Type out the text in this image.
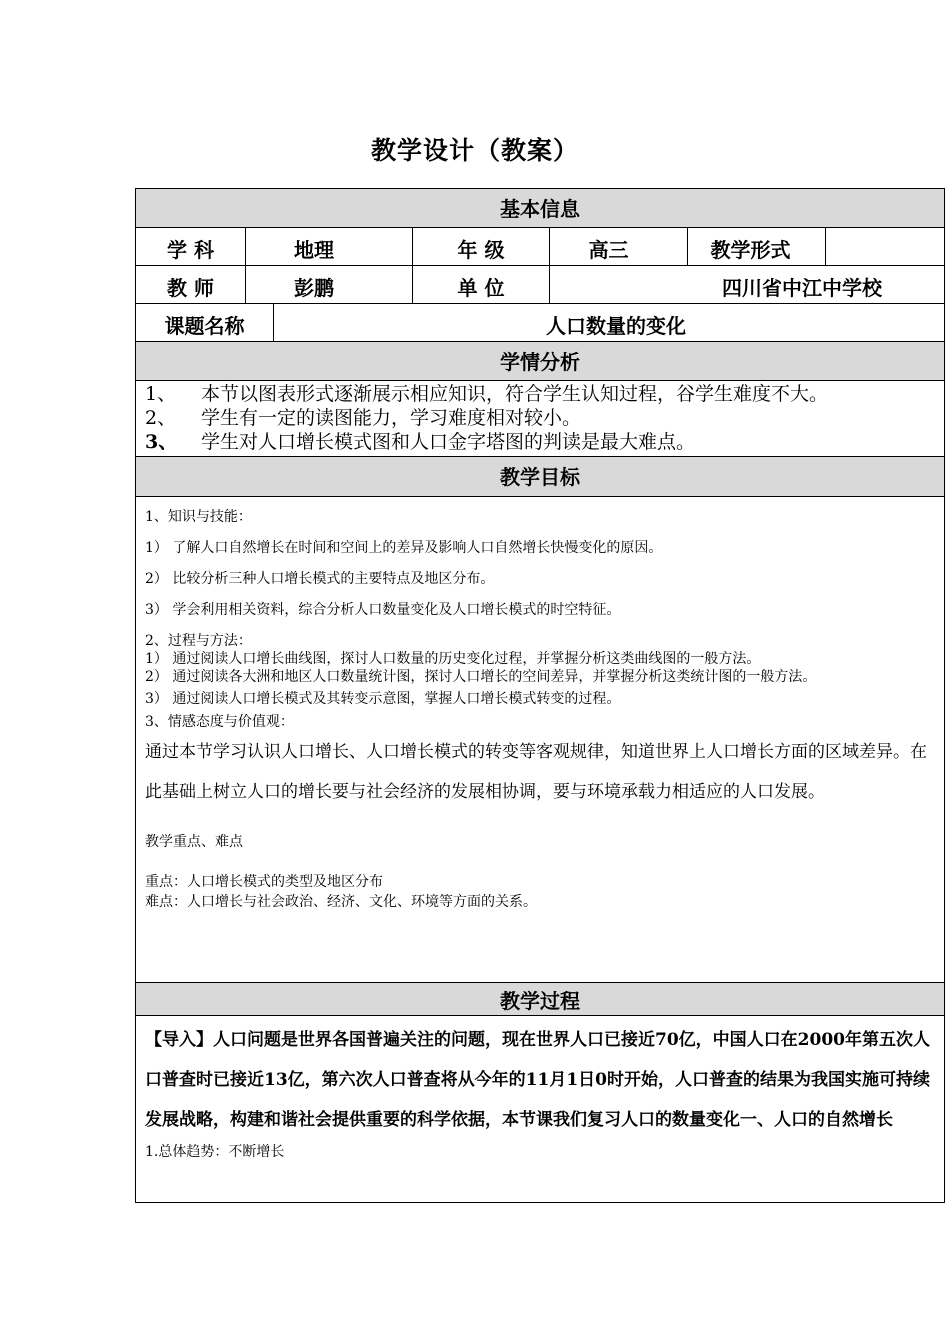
教学设计（教案）
基本信息
学 科	地理	年 级	高三	教学形式
教 师	彭鹏	单 位	四川省中江中学校
课题名称	人口数量的变化
学情分析

1、 本节以图表形式逐渐展示相应知识，符合学生认知过程，谷学生难度不大。

2、 学生有一定的读图能力，学习难度相对较小。

3、 学生对人口增长模式图和人口金字塔图的判读是最大难点。

教学目标

1、知识与技能：

1） 了解人口自然增长在时间和空间上的差异及影响人口自然增长快慢变化的原因。

2） 比较分析三种人口增长模式的主要特点及地区分布。

3） 学会利用相关资料，综合分析人口数量变化及人口增长模式的时空特征。

2、过程与方法：

1） 通过阅读人口增长曲线图，探讨人口数量的历史变化过程，并掌握分析这类曲线图的一般方法。

2） 通过阅读各大洲和地区人口数量统计图，探讨人口增长的空间差异，并掌握分析这类统计图的一般方法。

3） 通过阅读人口增长模式及其转变示意图，掌握人口增长模式转变的过程。

3、情感态度与价值观：

通过本节学习认识人口增长、人口增长模式的转变等客观规律，知道世界上人口增长方面的区域差异。在此基础上树立人口的增长要与社会经济的发展相协调，要与环境承载力相适应的人口发展。

教学重点、难点

重点：人口增长模式的类型及地区分布

难点：人口增长与社会政治、经济、文化、环境等方面的关系。

教学过程

【导入】人口问题是世界各国普遍关注的问题，现在世界人口已接近70亿，中国人口在2000年第五次人口普查时已接近13亿，第六次人口普查将从今年的11月1日0时开始，人口普查的结果为我国实施可持续发展战略，构建和谐社会提供重要的科学依据，本节课我们复习人口的数量变化一、人口的自然增长

1.总体趋势：不断增长
